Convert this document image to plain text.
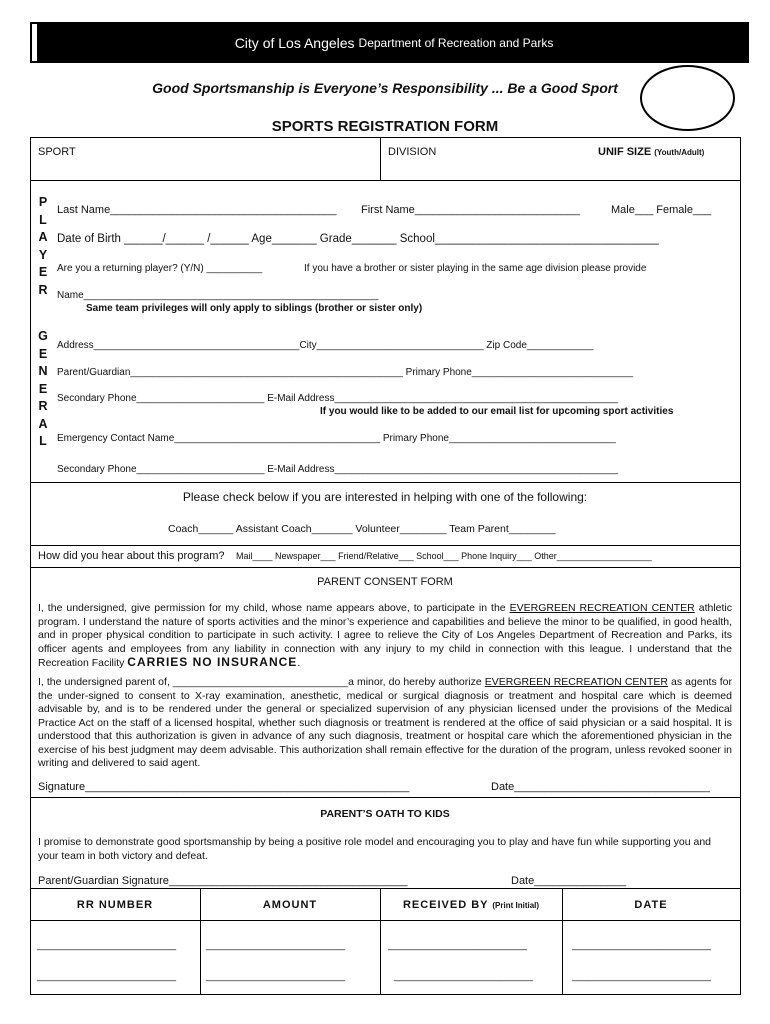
City of Los Angeles Department of Recreation and Parks
Good Sportsmanship is Everyone’s Responsibility ... Be a Good Sport
SPORTS REGISTRATION FORM
SPORT	DIVISION	UNIF SIZE (Youth/Adult)
P
L
A
Y
E
R
Last Name_____________________________________ First Name___________________________	Male___ Female___
Date of Birth ______/______ /______ Age_______ Grade_______ School___________________________________
Are you a returning player? (Y/N) __________	If you have a brother or sister playing in the same age division please provide
Name_____________________________________________________
Same team privileges will only apply to siblings (brother or sister only)
G
E
N
E
R
A
L
Address_____________________________________City______________________________ Zip Code____________
Parent/Guardian_________________________________________________ Primary Phone_____________________________
Secondary Phone_______________________ E-Mail Address___________________________________________________
If you would like to be added to our email list for upcoming sport activities
Emergency Contact Name_____________________________________ Primary Phone______________________________
Secondary Phone_______________________ E-Mail Address___________________________________________________
Please check below if you are interested in helping with one of the following:
Coach______ Assistant Coach_______ Volunteer________ Team Parent________
How did you hear about this program? Mail____ Newspaper___ Friend/Relative___ School___ Phone Inquiry___ Other___________________
PARENT CONSENT FORM
I, the undersigned, give permission for my child, whose name appears above, to participate in the EVERGREEN RECREATION CENTER athletic program. I understand the nature of sports activities and the minor’s experience and capabilities and believe the minor to be qualified, in good health, and in proper physical condition to participate in such activity. I agree to relieve the City of Los Angeles Department of Recreation and Parks, its officer agents and employees from any liability in connection with any injury to my child in connection with this league. I understand that the Recreation Facility CARRIES NO INSURANCE.
I, the undersigned parent of, ______________________________a minor, do hereby authorize EVERGREEN RECREATION CENTER as agents for the under-signed to consent to X-ray examination, anesthetic, medical or surgical diagnosis or treatment and hospital care which is deemed advisable by, and is to be rendered under the general or specialized supervision of any physician licensed under the provisions of the Medical Practice Act on the staff of a licensed hospital, whether such diagnosis or treatment is rendered at the office of said physician or a said hospital. It is understood that this authorization is given in advance of any such diagnosis, treatment or hospital care which the aforementioned physician in the exercise of his best judgment may deem advisable. This authorization shall remain effective for the duration of the program, unless revoked sooner in writing and delivered to said agent.
Signature_____________________________________________________	Date________________________________
PARENT’S OATH TO KIDS
I promise to demonstrate good sportsmanship by being a positive role model and encouraging you to play and have fun while supporting you and your team in both victory and defeat.
Parent/Guardian Signature_______________________________________	Date_______________
RR NUMBER	AMOUNT	RECEIVED BY (Print Initial)	DATE
_________________________	_________________________	_________________________	_________________________
_________________________	_________________________	_________________________	_________________________
